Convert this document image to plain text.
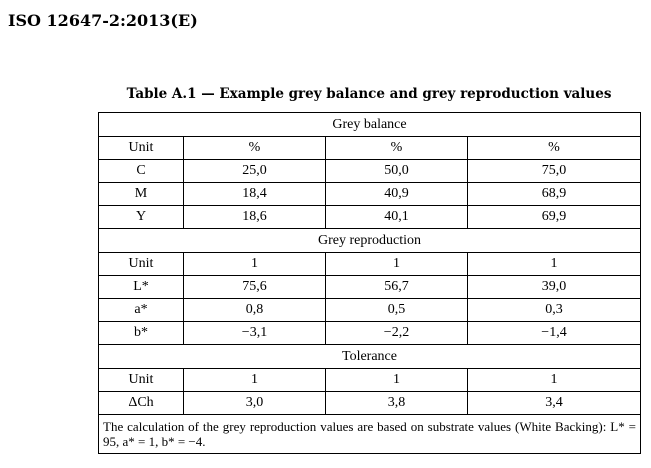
ISO 12647-2:2013(E)
Table A.1 — Example grey balance and grey reproduction values
Grey balance			
Unit	%	%	%
C	25,0	50,0	75,0
M	18,4	40,9	68,9
Y	18,6	40,1	69,9
Grey reproduction			
Unit	1	1	1
L*	75,6	56,7	39,0
a*	0,8	0,5	0,3
b*	−3,1	−2,2	−1,4
Tolerance			
Unit	1	1	1
ΔCh	3,0	3,8	3,4
The calculation of the grey reproduction values are based on substrate values (White Backing): L* = 95, a* = 1, b* = −4.			
